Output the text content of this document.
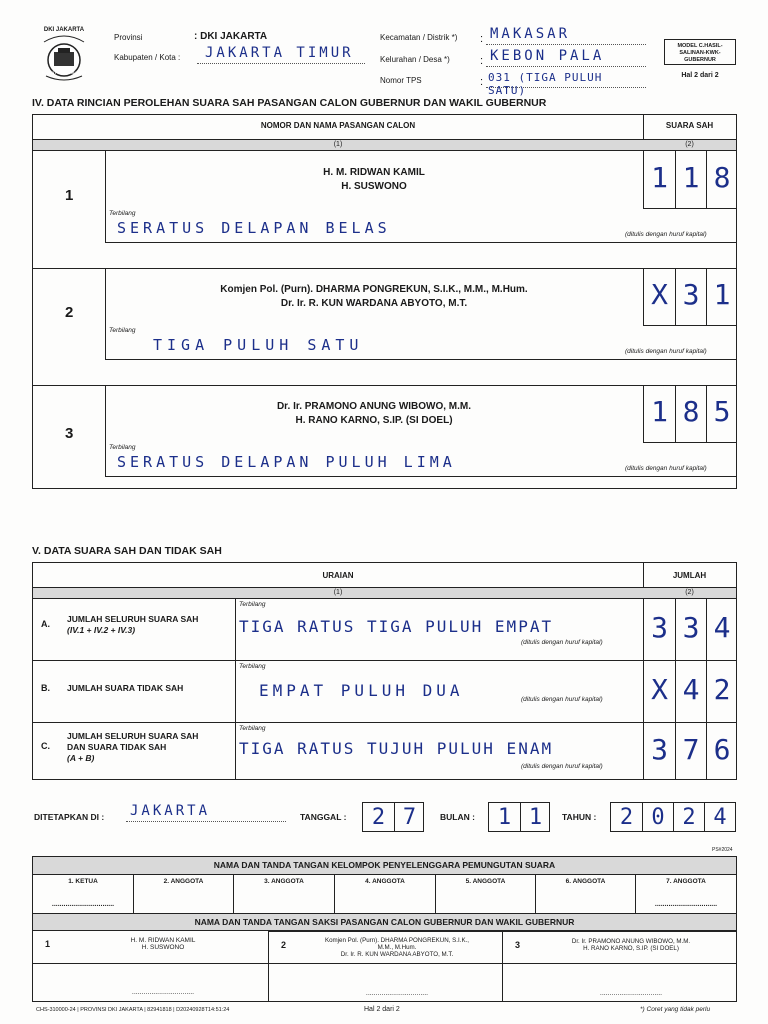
DKI JAKARTA
KOMISI PEMILIHAN UMUM
Provinsi	: DKI JAKARTA
Kabupaten / Kota : JAKARTA TIMUR
Kecamatan / Distrik *) : MAKASAR
Kelurahan / Desa *)	: KEBON PALA
Nomor TPS	: 031 (TIGA PULUH SATU)
MODEL C.HASIL-SALINAN-KWK-GUBERNUR
Hal 2 dari 2
IV. DATA RINCIAN PEROLEHAN SUARA SAH PASANGAN CALON GUBERNUR DAN WAKIL GUBERNUR
NOMOR DAN NAMA PASANGAN CALON	SUARA SAH
(1)	(2)
1
H. M. RIDWAN KAMIL
H. SUSWONO	1 1 8
Terbilang
SERATUS DELAPAN BELAS	(ditulis dengan huruf kapital)
2
Komjen Pol. (Purn). DHARMA PONGREKUN, S.I.K., M.M., M.Hum.
Dr. Ir. R. KUN WARDANA ABYOTO, M.T.	X 3 1
Terbilang
TIGA PULUH SATU	(ditulis dengan huruf kapital)
3
Dr. Ir. PRAMONO ANUNG WIBOWO, M.M.
H. RANO KARNO, S.IP. (SI DOEL)	1 8 5
Terbilang
SERATUS DELAPAN PULUH LIMA	(ditulis dengan huruf kapital)
V. DATA SUARA SAH DAN TIDAK SAH
URAIAN	JUMLAH
(1)	(2)
A. JUMLAH SELURUH SUARA SAH
(IV.1 + IV.2 + IV.3)
Terbilang
TIGA RATUS TIGA PULUH EMPAT
(ditulis dengan huruf kapital) 3 3 4
B. JUMLAH SUARA TIDAK SAH
Terbilang
EMPAT PULUH DUA	(ditulis dengan huruf kapital) X 4 2
C.
JUMLAH SELURUH SUARA SAH
DAN SUARA TIDAK SAH
(A + B)
Terbilang
TIGA RATUS TUJUH PULUH ENAM
(ditulis dengan huruf kapital)
3 7 6
DITETAPKAN DI : JAKARTA	TANGGAL :	2 7	BULAN :	1 1	TAHUN :	2 0 2 4
PS#2024
NAMA DAN TANDA TANGAN KELOMPOK PENYELENGGARA PEMUNGUTAN SUARA
1. KETUA
................................
2. ANGGOTA	3. ANGGOTA	4. ANGGOTA	5. ANGGOTA	6. ANGGOTA	7. ANGGOTA
................................
NAMA DAN TANDA TANGAN SAKSI PASANGAN CALON GUBERNUR DAN WAKIL GUBERNUR
1	H. M. RIDWAN KAMIL
H. SUSWONO
................................
2	Komjen Pol. (Purn). DHARMA PONGREKUN, S.I.K.,
M.M., M.Hum.
Dr. Ir. R. KUN WARDANA ABYOTO, M.T.
................................
3	Dr. Ir. PRAMONO ANUNG WIBOWO, M.M.
H. RANO KARNO, S.IP. (SI DOEL)
................................
CHS-310000-24 | PROVINSI DKI JAKARTA | 82941818 | D20240928T14:51:24	Hal 2 dari 2	*) Coret yang tidak perlu
